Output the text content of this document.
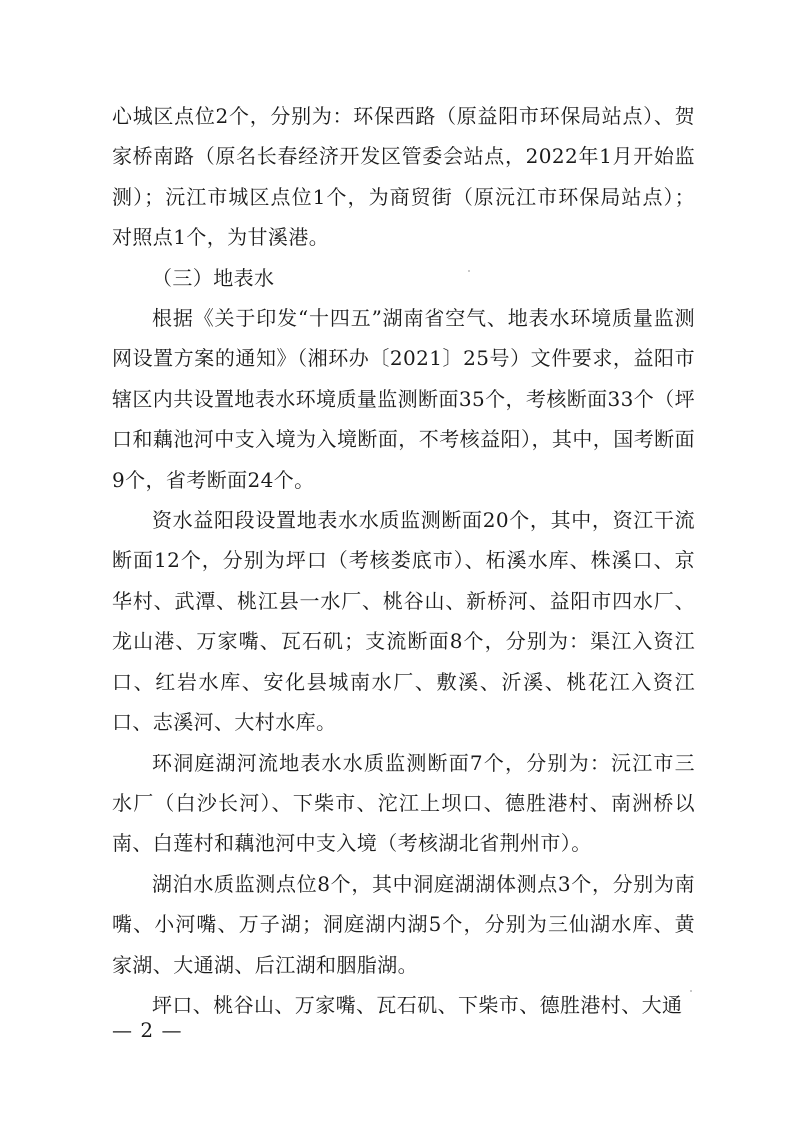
心城区点位2个，分别为：环保西路（原益阳市环保局站点）、贺家桥南路（原名长春经济开发区管委会站点，2022年1月开始监测）；沅江市城区点位1个，为商贸街（原沅江市环保局站点）；对照点1个，为甘溪港。

（三）地表水

根据《关于印发“十四五”湖南省空气、地表水环境质量监测网设置方案的通知》（湘环办〔2021〕25号）文件要求，益阳市辖区内共设置地表水环境质量监测断面35个，考核断面33个（坪口和藕池河中支入境为入境断面，不考核益阳），其中，国考断面9个，省考断面24个。

资水益阳段设置地表水水质监测断面20个，其中，资江干流断面12个，分别为坪口（考核娄底市）、柘溪水库、株溪口、京华村、武潭、桃江县一水厂、桃谷山、新桥河、益阳市四水厂、龙山港、万家嘴、瓦石矶；支流断面8个，分别为：渠江入资江口、红岩水库、安化县城南水厂、敷溪、沂溪、桃花江入资江口、志溪河、大村水库。

环洞庭湖河流地表水水质监测断面7个，分别为：沅江市三水厂（白沙长河）、下柴市、沱江上坝口、德胜港村、南洲桥以南、白莲村和藕池河中支入境（考核湖北省荆州市）。

湖泊水质监测点位8个，其中洞庭湖湖体测点3个，分别为南嘴、小河嘴、万子湖；洞庭湖内湖5个，分别为三仙湖水库、黄家湖、大通湖、后江湖和胭脂湖。

坪口、桃谷山、万家嘴、瓦石矶、下柴市、德胜港村、大通

— 2 —
